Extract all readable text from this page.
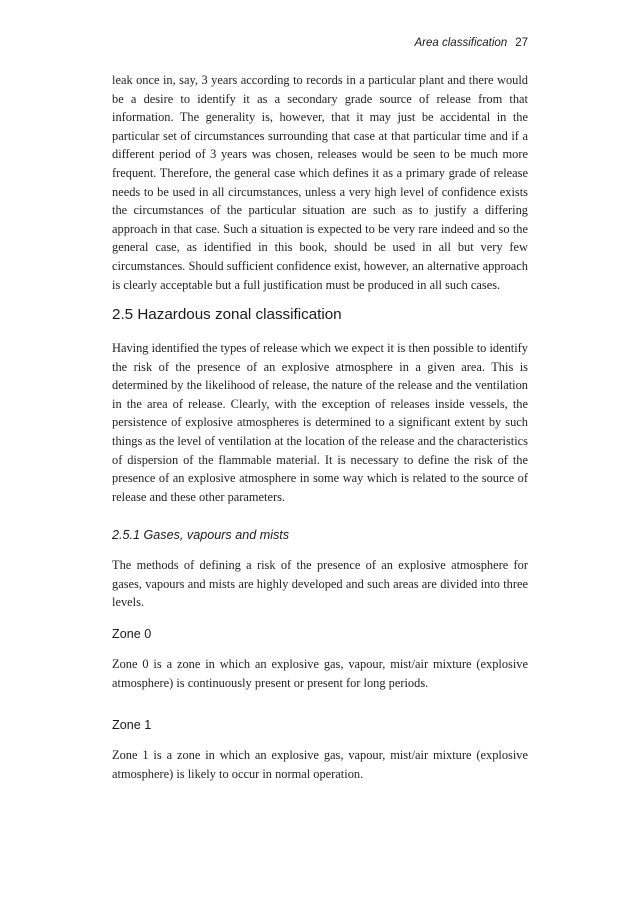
Area classification 27

leak once in, say, 3 years according to records in a particular plant and there would be a desire to identify it as a secondary grade source of release from that information. The generality is, however, that it may just be accidental in the particular set of circumstances surrounding that case at that particular time and if a different period of 3 years was chosen, releases would be seen to be much more frequent. Therefore, the general case which defines it as a primary grade of release needs to be used in all circumstances, unless a very high level of confidence exists the circumstances of the particular situation are such as to justify a differing approach in that case. Such a situation is expected to be very rare indeed and so the general case, as identified in this book, should be used in all but very few circumstances. Should sufficient confidence exist, however, an alternative approach is clearly acceptable but a full justification must be produced in all such cases.

2.5 Hazardous zonal classification

Having identified the types of release which we expect it is then possible to identify the risk of the presence of an explosive atmosphere in a given area. This is determined by the likelihood of release, the nature of the release and the ventilation in the area of release. Clearly, with the exception of releases inside vessels, the persistence of explosive atmospheres is determined to a significant extent by such things as the level of ventilation at the location of the release and the characteristics of dispersion of the flammable material. It is necessary to define the risk of the presence of an explosive atmosphere in some way which is related to the source of release and these other parameters.

2.5.1 Gases, vapours and mists

The methods of defining a risk of the presence of an explosive atmosphere for gases, vapours and mists are highly developed and such areas are divided into three levels.

Zone 0

Zone 0 is a zone in which an explosive gas, vapour, mist/air mixture (explosive atmosphere) is continuously present or present for long periods.

Zone 1

Zone 1 is a zone in which an explosive gas, vapour, mist/air mixture (explosive atmosphere) is likely to occur in normal operation.
